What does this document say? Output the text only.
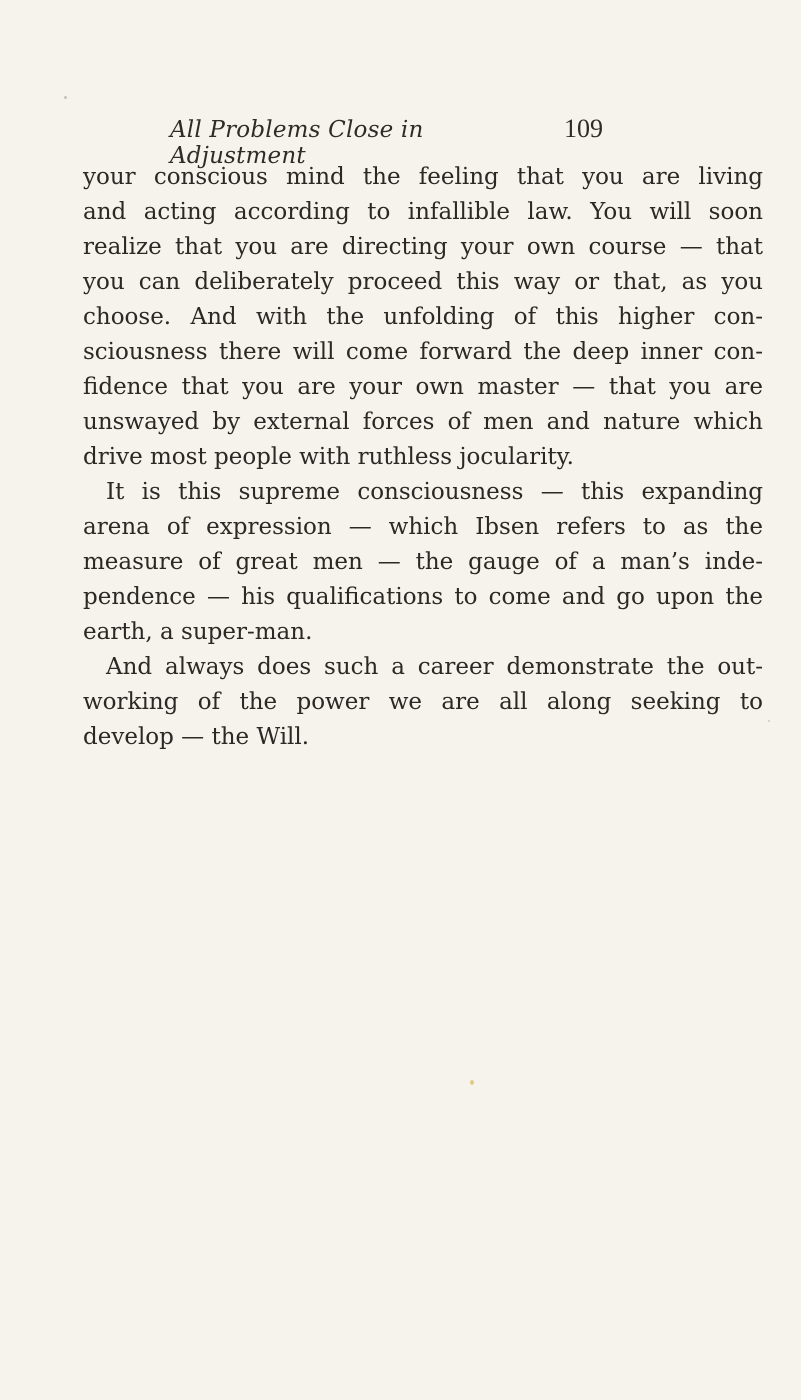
All Problems Close in Adjustment
109
your conscious mind the feeling that you are living
and acting according to infallible law. You will soon
realize that you are directing your own course — that
you can deliberately proceed this way or that, as you
choose. And with the unfolding of this higher con-
sciousness there will come forward the deep inner con-
fidence that you are your own master — that you are
unswayed by external forces of men and nature which
drive most people with ruthless jocularity.
It is this supreme consciousness — this expanding
arena of expression — which Ibsen refers to as the
measure of great men — the gauge of a man’s inde-
pendence — his qualifications to come and go upon the
earth, a super-man.
And always does such a career demonstrate the out-
working of the power we are all along seeking to
develop — the Will.
